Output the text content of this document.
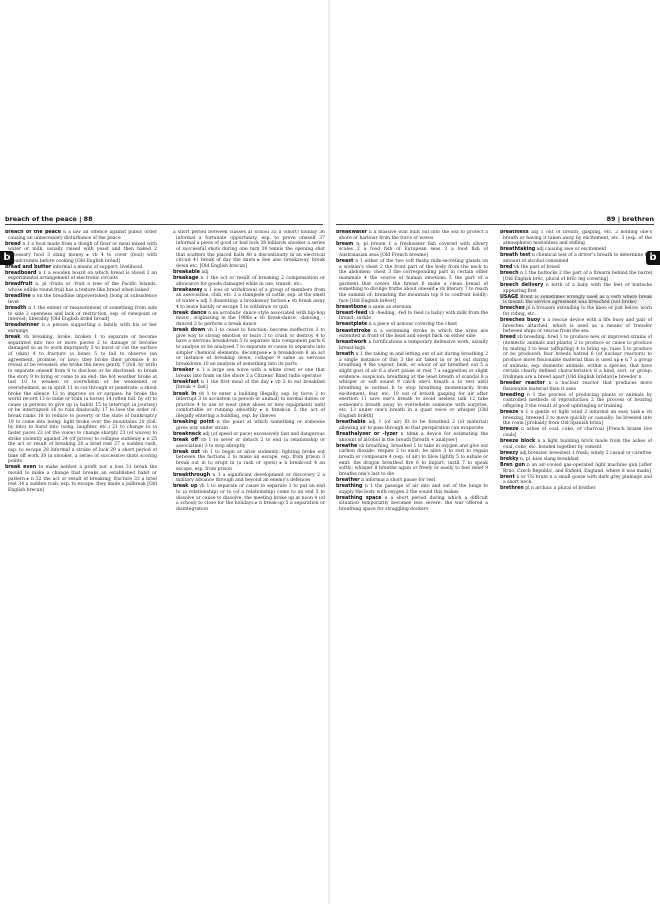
breach of the peace | 88
b

breach of the peace n a law an offence against public order causing an unnecessary disturbance of the peace

bread n 1 a food made from a dough of flour or meal mixed with water or milk, usually raised with yeast and then baked 2 necessary food 3 slang money ▸ vb 4 to cover (food) with breadcrumbs before cooking [Old English brēad]

bread and butter informal a means of support; livelihood

breadboard n 1 a wooden board on which bread is sliced 2 an experimental arrangement of electronic circuits

breadfruit n, pl -fruits or -fruit a tree of the Pacific Islands, whose edible round fruit has a texture like bread when baked

breadline n on the breadline impoverished; living at subsistence level

breadth n 1 the extent or measurement of something from side to side 2 openness and lack of restriction, esp. of viewpoint or interest; liberality [Old English brǣd broad]

breadwinner n a person supporting a family with his or her earnings

break vb breaking, broke, broken 1 to separate or become separated into two or more pieces 2 to damage or become damaged so as to work improperly 3 to burst or cut the surface of (skin) 4 to fracture (a bone) 5 to fail to observe (an agreement, promise, or law): they broke their promise 6 to reveal or be revealed: she broke the news gently 7 (foll. by with) to separate oneself from 8 to disclose or be disclosed: to break the story 9 to bring or come to an end: the hot weather broke at last 10 to weaken or overwhelm or be weakened or overwhelmed, as in spirit 11 to cut through or penetrate: a shout broke the silence 12 to improve on or surpass: he broke the world record 13 to tame or train (a horse) 14 (often foll. by of) to cause (a person) to give up (a habit) 15 to interrupt (a journey) or be interrupted 16 to ruin financially 17 to lose the order of: break ranks 18 to reduce to poverty or the state of bankruptcy 19 to come into being: light broke over the mountains 20 (foll. by into) to burst into (song, laughter, etc.) 21 to change to (a faster pace) 22 (of the voice) to change sharply 23 (of waves) to strike violently against 24 (of prices) to collapse suddenly ▸ n 25 the act or result of breaking 26 a brief rest 27 a sudden rush, esp. to escape 28 informal a stroke of luck 29 a short period of time off work 30 in snooker, a series of successive shots scoring points

break even to make neither a profit nor a loss 31 break the mould to make a change that breaks an established habit or pattern ▸ n 32 the act or result of breaking; fracture 33 a brief rest 34 a sudden rush, esp. to escape: they made a jailbreak [Old English brecan]

a short period between classes at school 35 a (short) holiday 36 informal a fortunate opportunity, esp. to prove oneself 37 informal a piece of good or bad luck 38 billiards snooker a series of successful shots during one turn 39 tennis the opening shot that scatters the placed balls 40 a discontinuity in an electrical circuit 41 break of day the dawn ▸ See also breakaway, break down etc. [Old English brecan]

breakable adj

breakage n 1 the act or result of breaking 2 compensation or allowance for goods damaged while in use, transit, etc.

breakaway n 1 loss or withdrawal of a group of members from an association, club, etc. 2 a stampede of cattle, esp. at the smell of water ▸ adj 3 dissenting: a breakaway faction ▸ vb break away 4 to leave hastily or escape 5 to withdraw or quit

break dance n an acrobatic dance style associated with hip-hop music, originating in the 1980s ▸ vb break-dance, -dancing, -danced 2 to perform a break dance

break down vb 1 to cease to function; become ineffective 2 to give way to strong emotion or tears 3 to crush or destroy 4 to have a nervous breakdown 5 to separate into component parts 6 to analyse or be analysed 7 to separate or cause to separate into simpler chemical elements; decompose ▸ n breakdown 8 an act or instance of breaking down; collapse 9 same as nervous breakdown 10 an analysis of something into its parts

breaker n 1 a large sea wave with a white crest or one that breaks into foam on the shore 2 a Citizens' Band radio operator

breakfast n 1 the first meal of the day ▸ vb 2 to eat breakfast [break + fast]

break in vb 1 to enter a building illegally, esp. by force 2 to interrupt 3 to accustom (a person or animal) to normal duties or practice 4 to use or wear (new shoes or new equipment) until comfortable or running smoothly ▸ n break-in 5 the act of illegally entering a building, esp. by thieves

breaking point n the point at which something or someone gives way under strain

breakneck adj (of speed or pace) excessively fast and dangerous

break off vb 1 to sever or detach 2 to end (a relationship or association) 3 to stop abruptly

break out vb 1 to begin or arise suddenly: fighting broke out between the factions 2 to make an escape, esp. from prison 3 break out in to erupt in (a rash or spots) ▸ n break-out 4 an escape, esp. from prison

breakthrough n 1 a significant development or discovery 2 a military advance through and beyond an enemy's defences

break up vb 1 to separate or cause to separate 2 to put an end to (a relationship) or to (of a relationship) come to an end 3 to dissolve or cause to dissolve: the meeting broke up at noon 4 (of a school) to close for the holidays ▸ n break-up 5 a separation or disintegration

89 | brethren
b

breakwater n a massive wall built out into the sea to protect a shore or harbour from the force of waves

bream n, pl bream 1 a freshwater fish covered with silvery scales 2 a food fish of European seas 3 a food fish of Australasian seas [Old French bresme]

breast n 1 either of the two soft fleshy milk-secreting glands on a woman's chest 2 the front part of the body from the neck to the abdomen; chest 3 the corresponding part in certain other mammals 4 the source of human emotions 5 the part of a garment that covers the breast 6 make a clean breast of something to divulge truths about oneself ▸ vb literary 7 to reach the summit of: breasting the mountain top 8 to confront boldly: face [Old English brēost]

breastbone n same as sternum

breast-feed vb -feeding, -fed to feed (a baby) with milk from the breast; suckle

breastplate n a piece of armour covering the chest

breaststroke n a swimming stroke in which the arms are extended in front of the head and swept back on either side

breastwork n fortifications a temporary defensive work, usually breast-high

breath n 1 the taking in and letting out of air during breathing 2 a single instance of this 3 the air taken in or let out during breathing 4 the vapour, heat, or odour of air breathed out 5 a slight gust of air 6 a short pause or rest 7 a suggestion or slight evidence: suspicion: breathing at the least breath of scandal 8 a whisper or soft sound 9 catch one's breath a to rest until breathing is normal b to stop breathing momentarily from excitement, fear, etc. 10 out of breath gasping for air after exertion 11 save one's breath to avoid useless talk 12 take someone's breath away to overwhelm someone with surprise, etc. 13 under one's breath in a quiet voice or whisper [Old English brǣth]

breathable adj 1 (of air) fit to be breathed 2 (of material) allowing air to pass through so that perspiration can evaporate

Breathalyser or -lyzer n tdmk a device for estimating the amount of alcohol in the breath [breath + analyser]

breathe vb breathing, breathed 1 to take in oxygen and give out carbon dioxide; respire 2 to exist; be alive 3 to rest to regain breath or composure 4 (esp. of air) to blow lightly 5 to exhale or emit: the dragon breathed fire 6 to impart; instil 7 to speak softly; whisper 8 breathe again or freely or easily to feel relief 9 breathe one's last to die

breather n informal a short pause for rest

breathing n 1 the passage of air into and out of the lungs to supply the body with oxygen 2 the sound this makes

breathing space n a short period during which a difficult situation temporarily becomes less severe: the war offered a breathing space for struggling dockers

breathless adj 1 out of breath; gasping, etc. 2 holding one's breath or having it taken away by excitement, etc. 3 (esp. of the atmosphere) motionless and stifling

breathtaking adj causing awe or excitement

breath test n chemical test of a driver's breath to determine the amount of alcohol consumed

bred vb the past of breed

breech n 1 the buttocks 2 the part of a firearm behind the barrel [Old English brēc, plural of brōc leg covering]

breech delivery n birth of a baby with the feet or buttocks appearing first

USAGE Brent is sometimes wrongly used as a verb where break is meant: the service agreement was breached (not broke)

breeches pl n trousers extending to the knee or just below, worn for riding, etc.

breeches buoy n a rescue device with a life buoy and pair of breeches attached, which is used as a means of transfer between ships or rescue from the sea

breed vb breeding, bred 1 to produce new or improved strains of (domestic animals and plants) 2 to produce or cause to produce by mating 3 to bear (offspring) 4 to bring up; raise 5 to produce or be produced: fear breeds hatred 6 (of nuclear reactors) to produce more fissionable material than is used up ▸ n 7 a group of animals, esp. domestic animals, within a species, that have certain clearly defined characteristics 8 a kind, sort, or group: Irishmen are a breed apart [Old English brēdan] ▸ breeder n

breeder reactor n a nuclear reactor that produces more fissionable material than it uses

breeding n 1 the process of producing plants or animals by controlled methods of reproduction 2 the process of bearing offspring 3 the result of good upbringing or training

breeze n 1 a gentle or light wind 2 informal an easy task ▸ vb breezing, breezed 3 to move quickly or casually: he breezed into the room [probably from Old Spanish briza]

breeze n ashes of coal, coke, or charcoal [French braise live coals]

breeze block n a light building brick made from the ashes of coal, coke, etc. bonded together by cement

breezy adj breezier, breeziest 1 fresh; windy 2 casual or carefree

brekky n, pl -kies slang breakfast

Bren gun n an air-cooled gas-operated light machine gun [after Brno, Czech Republic, and Enfield, England, where it was made]

brent n or US brant n a small goose with dark grey plumage and a short neck

brethren pl n archaic a plural of brother
